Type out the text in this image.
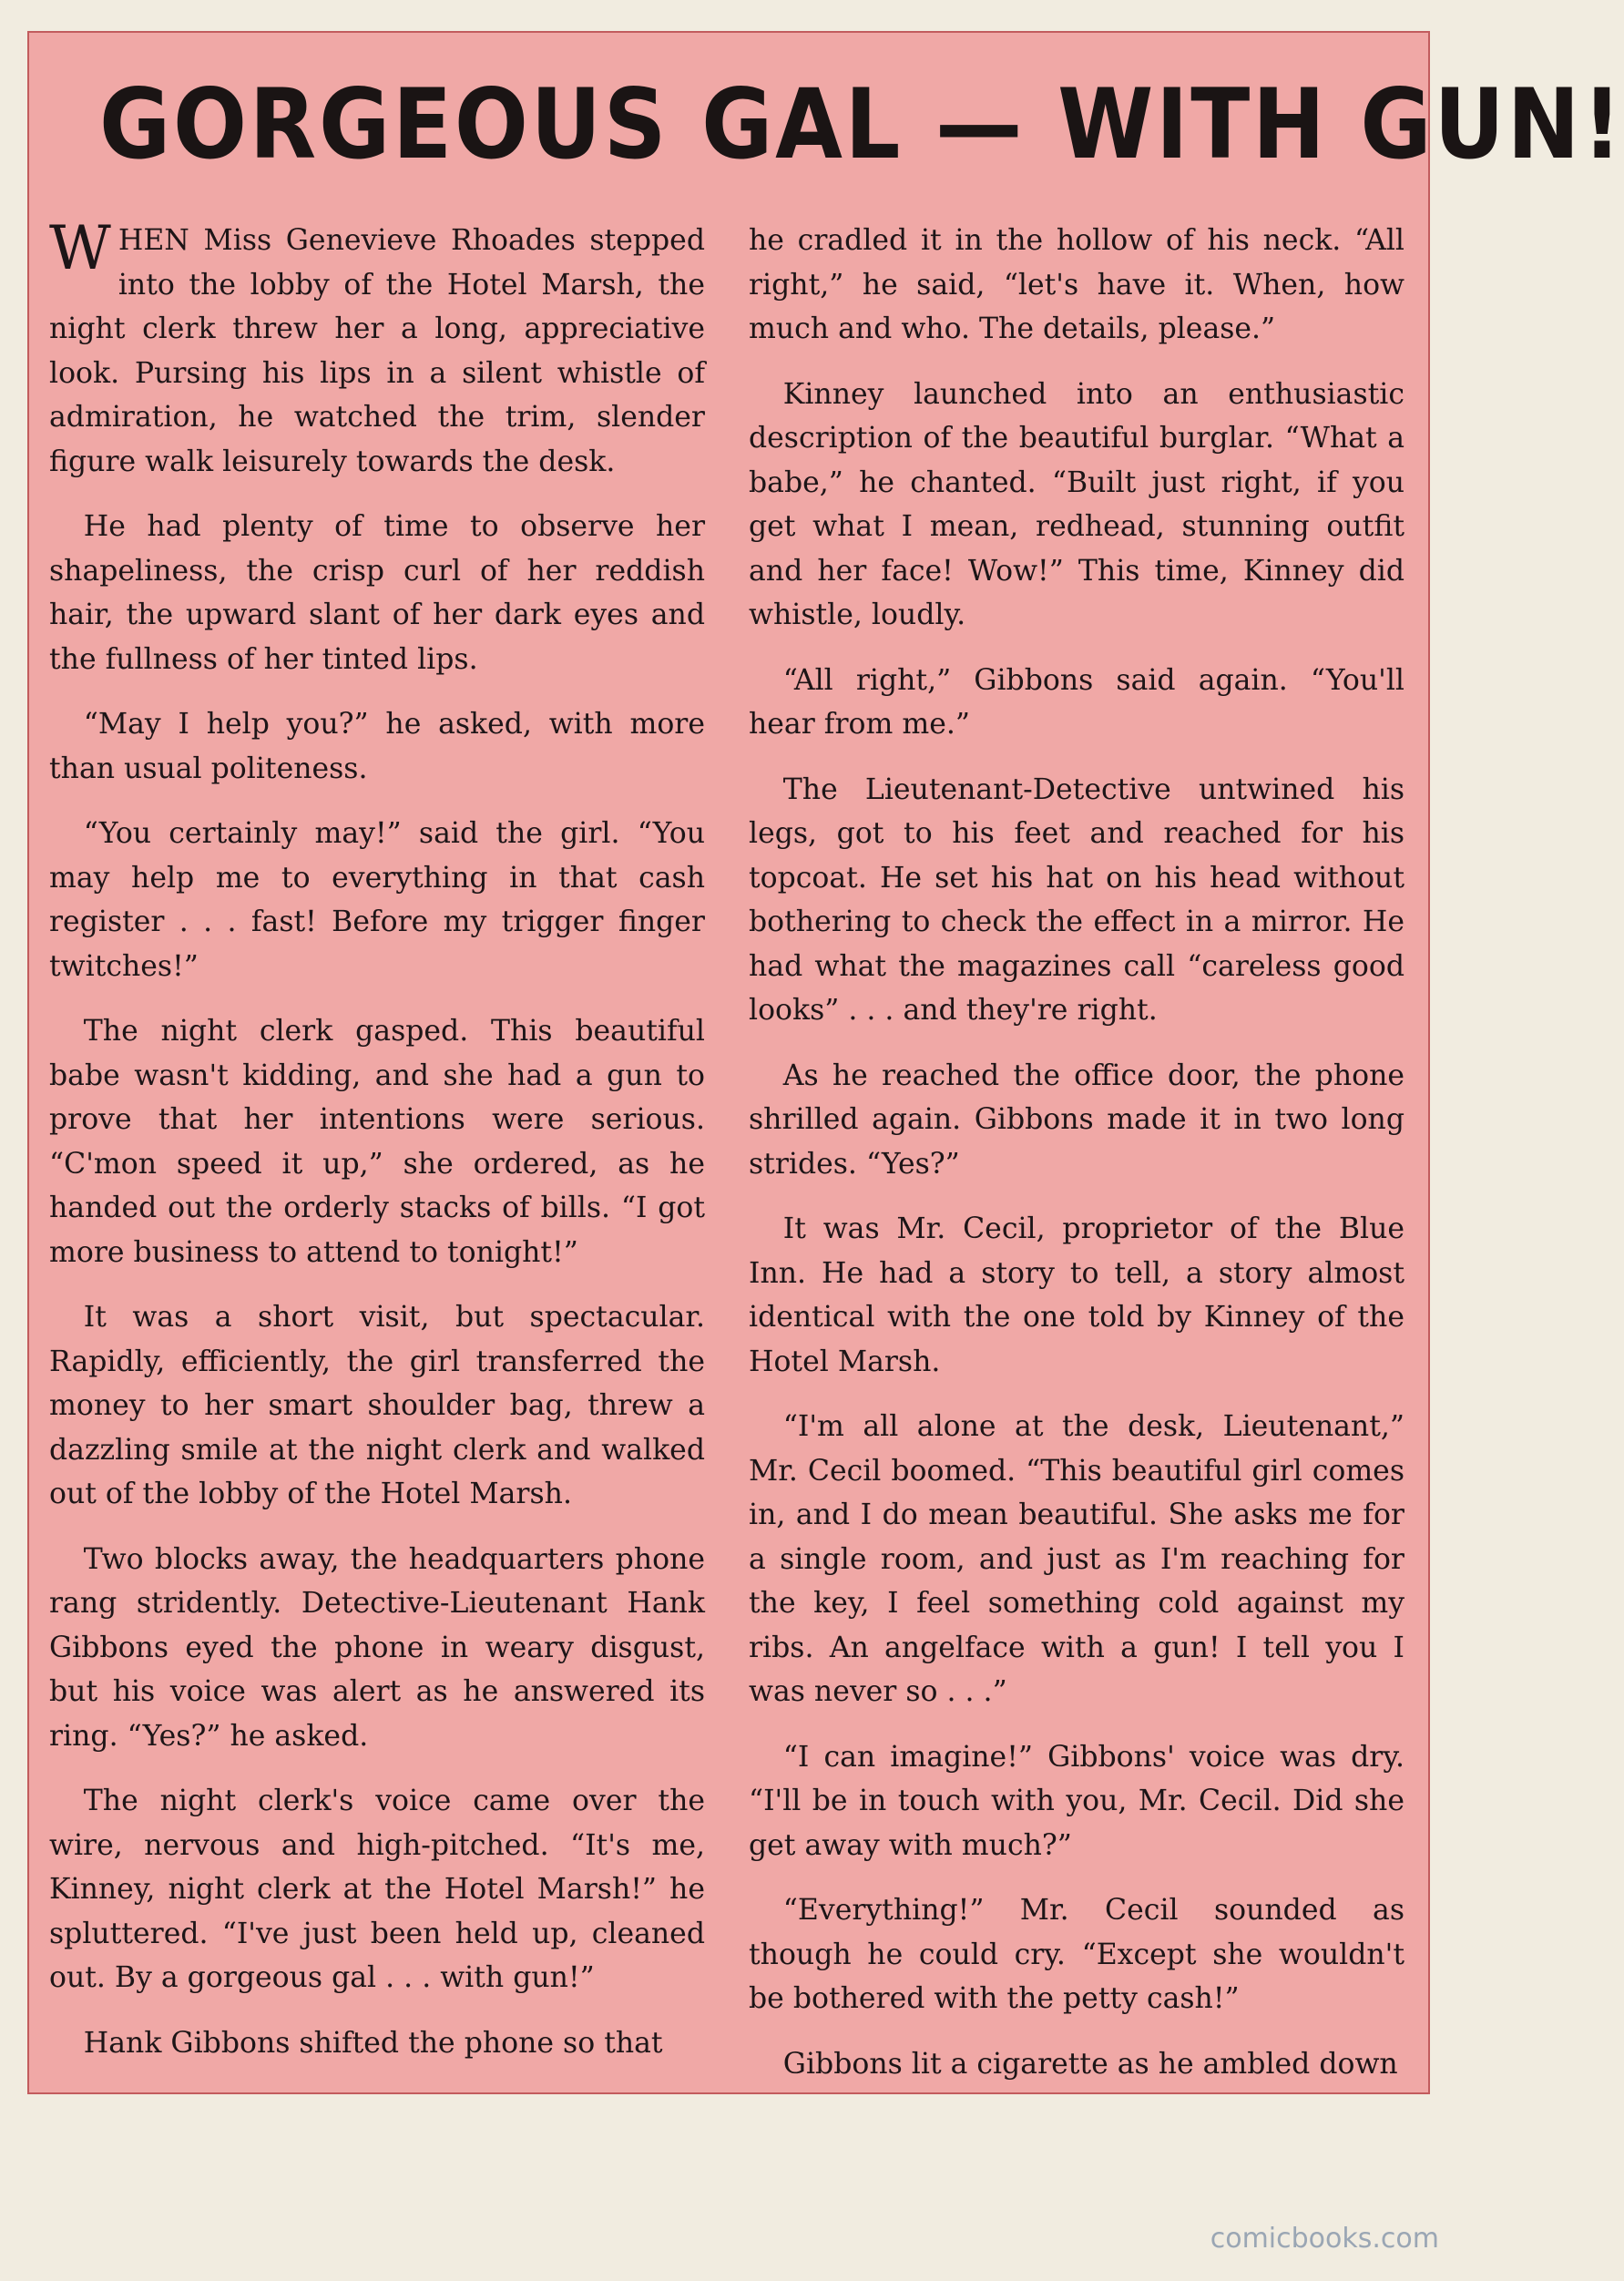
GORGEOUS GAL — WITH GUN!

WHEN Miss Genevieve Rhoades stepped into the lobby of the Hotel Marsh, the night clerk threw her a long, appreciative look. Pursing his lips in a silent whistle of admiration, he watched the trim, slender figure walk leisurely towards the desk.

He had plenty of time to observe her shapeliness, the crisp curl of her reddish hair, the upward slant of her dark eyes and the fullness of her tinted lips.

“May I help you?” he asked, with more than usual politeness.

“You certainly may!” said the girl. “You may help me to everything in that cash register . . . fast! Before my trigger finger twitches!”

The night clerk gasped. This beautiful babe wasn't kidding, and she had a gun to prove that her intentions were serious. “C'mon speed it up,” she ordered, as he handed out the orderly stacks of bills. “I got more business to attend to tonight!”

It was a short visit, but spectacular. Rapidly, efficiently, the girl transferred the money to her smart shoulder bag, threw a dazzling smile at the night clerk and walked out of the lobby of the Hotel Marsh.

Two blocks away, the headquarters phone rang stridently. Detective-Lieutenant Hank Gibbons eyed the phone in weary disgust, but his voice was alert as he answered its ring. “Yes?” he asked.

The night clerk's voice came over the wire, nervous and high-pitched. “It's me, Kinney, night clerk at the Hotel Marsh!” he spluttered. “I've just been held up, cleaned out. By a gorgeous gal . . . with gun!”

Hank Gibbons shifted the phone so that

he cradled it in the hollow of his neck. “All right,” he said, “let's have it. When, how much and who. The details, please.”

Kinney launched into an enthusiastic description of the beautiful burglar. “What a babe,” he chanted. “Built just right, if you get what I mean, redhead, stunning outfit and her face! Wow!” This time, Kinney did whistle, loudly.

“All right,” Gibbons said again. “You'll hear from me.”

The Lieutenant-Detective untwined his legs, got to his feet and reached for his topcoat. He set his hat on his head without bothering to check the effect in a mirror. He had what the magazines call “careless good looks” . . . and they're right.

As he reached the office door, the phone shrilled again. Gibbons made it in two long strides. “Yes?”

It was Mr. Cecil, proprietor of the Blue Inn. He had a story to tell, a story almost identical with the one told by Kinney of the Hotel Marsh.

“I'm all alone at the desk, Lieutenant,” Mr. Cecil boomed. “This beautiful girl comes in, and I do mean beautiful. She asks me for a single room, and just as I'm reaching for the key, I feel something cold against my ribs. An angelface with a gun! I tell you I was never so . . .”

“I can imagine!” Gibbons' voice was dry. “I'll be in touch with you, Mr. Cecil. Did she get away with much?”

“Everything!” Mr. Cecil sounded as though he could cry. “Except she wouldn't be bothered with the petty cash!”

Gibbons lit a cigarette as he ambled down

comicbooks.com
